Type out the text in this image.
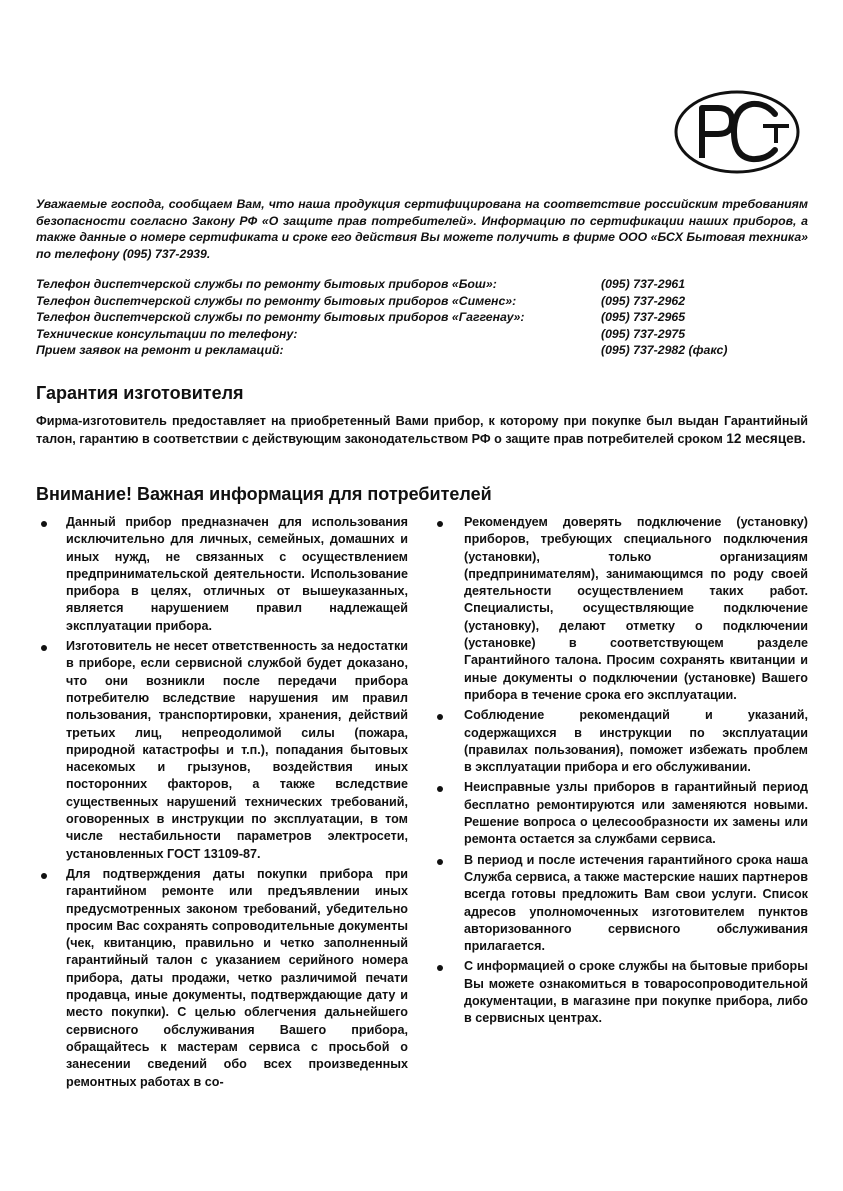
Уважаемые господа, сообщаем Вам, что наша продукция сертифицирована на соответствие российским требованиям безопасности согласно Закону РФ «О защите прав потребителей». Информацию по сертификации наших приборов, а также данные о номере сертификата и сроке его действия Вы можете получить в фирме ООО «БСХ Бытовая техника» по телефону (095) 737-2939.
Телефон диспетчерской службы по ремонту бытовых приборов «Бош»:	(095) 737-2961
Телефон диспетчерской службы по ремонту бытовых приборов «Сименс»:	(095) 737-2962
Телефон диспетчерской службы по ремонту бытовых приборов «Гаггенау»:	(095) 737-2965
Технические консультации по телефону:	(095) 737-2975
Прием заявок на ремонт и рекламаций:	(095) 737-2982 (факс)
Гарантия изготовителя

Фирма-изготовитель предоставляет на приобретенный Вами прибор, к которому при покупке был выдан Гарантийный талон, гарантию в соответствии с действующим законодательством РФ о защите прав потребителей сроком 12 месяцев.

Внимание! Важная информация для потребителей
Данный прибор предназначен для использования исключительно для личных, семейных, домашних и иных нужд, не связанных с осуществлением предпринимательской деятельности. Использование прибора в целях, отличных от вышеуказанных, является нарушением правил надлежащей эксплуатации прибора.
Изготовитель не несет ответственность за недостатки в приборе, если сервисной службой будет доказано, что они возникли после передачи прибора потребителю вследствие нарушения им правил пользования, транспортировки, хранения, действий третьих лиц, непреодолимой силы (пожара, природной катастрофы и т.п.), попадания бытовых насекомых и грызунов, воздействия иных посторонних факторов, а также вследствие существенных нарушений технических требований, оговоренных в инструкции по эксплуатации, в том числе нестабильности параметров электросети, установленных ГОСТ 13109-87.
Для подтверждения даты покупки прибора при гарантийном ремонте или предъявлении иных предусмотренных законом требований, убедительно просим Вас сохранять сопроводительные документы (чек, квитанцию, правильно и четко заполненный гарантийный талон с указанием серийного номера прибора, даты продажи, четко различимой печати продавца, иные документы, подтверждающие дату и место покупки). С целью облегчения дальнейшего сервисного обслуживания Вашего прибора, обращайтесь к мастерам сервиса с просьбой о занесении сведений обо всех произведенных ремонтных работах в со-
Рекомендуем доверять подключение (установку) приборов, требующих специального подключения (установки), только организациям (предпринимателям), занимающимся по роду своей деятельности осуществлением таких работ. Специалисты, осуществляющие подключение (установку), делают отметку о подключении (установке) в соответствующем разделе Гарантийного талона. Просим сохранять квитанции и иные документы о подключении (установке) Вашего прибора в течение срока его эксплуатации.
Соблюдение рекомендаций и указаний, содержащихся в инструкции по эксплуатации (правилах пользования), поможет избежать проблем в эксплуатации прибора и его обслуживании.
Неисправные узлы приборов в гарантийный период бесплатно ремонтируются или заменяются новыми. Решение вопроса о целесообразности их замены или ремонта остается за службами сервиса.
В период и после истечения гарантийного срока наша Служба сервиса, а также мастерские наших партнеров всегда готовы предложить Вам свои услуги. Список адресов уполномоченных изготовителем пунктов авторизованного сервисного обслуживания прилагается.
С информацией о сроке службы на бытовые приборы Вы можете ознакомиться в товаросопроводительной документации, в магазине при покупке прибора, либо в сервисных центрах.
